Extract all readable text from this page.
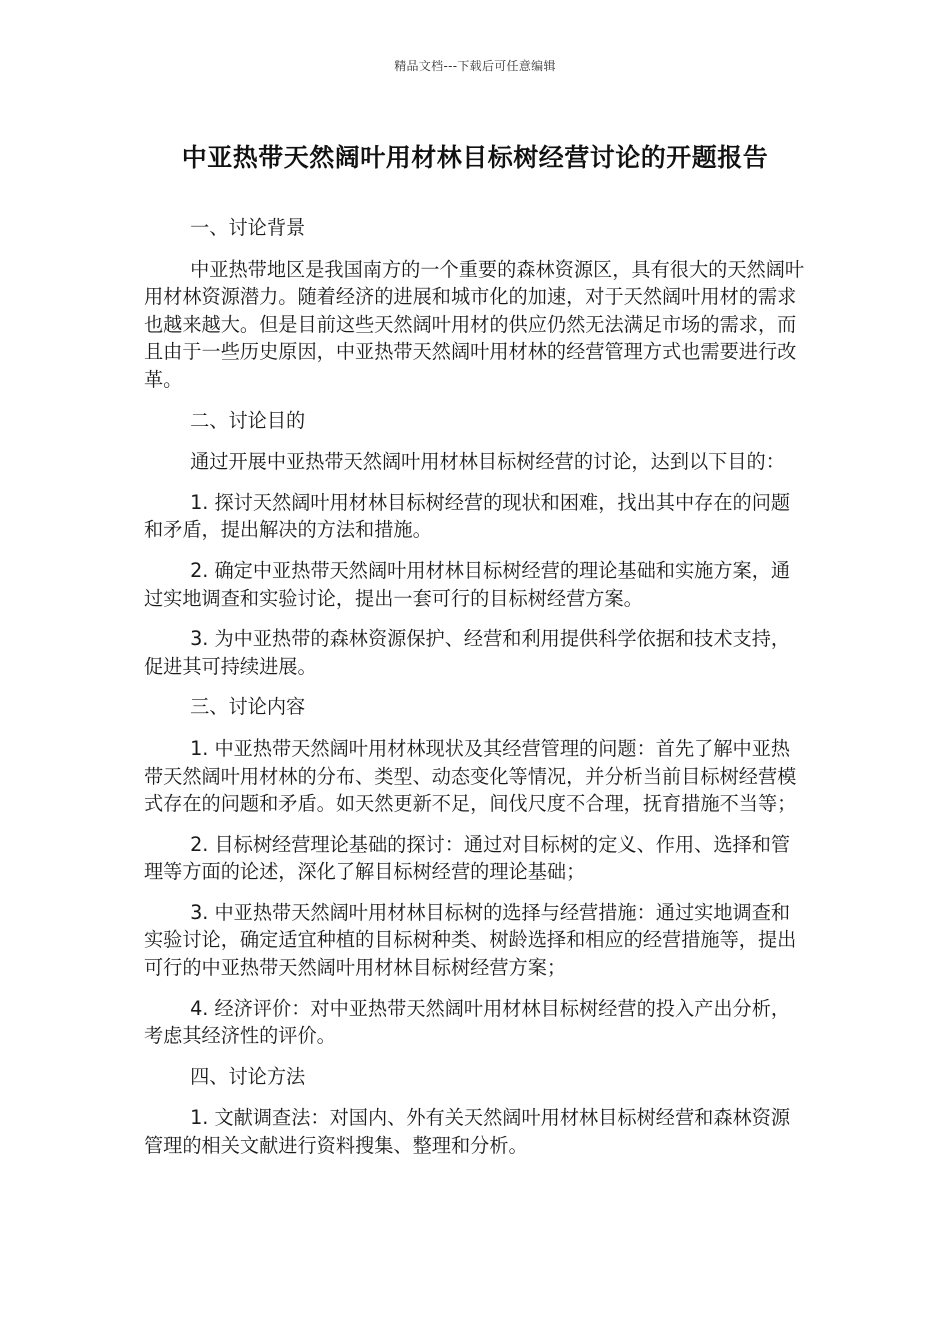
精品文档---下载后可任意编辑
中亚热带天然阔叶用材林目标树经营讨论的开题报告

一、讨论背景

中亚热带地区是我国南方的一个重要的森林资源区，具有很大的天然阔叶用材林资源潜力。随着经济的进展和城市化的加速，对于天然阔叶用材的需求也越来越大。但是目前这些天然阔叶用材的供应仍然无法满足市场的需求，而且由于一些历史原因，中亚热带天然阔叶用材林的经营管理方式也需要进行改革。

二、讨论目的

通过开展中亚热带天然阔叶用材林目标树经营的讨论，达到以下目的：

1. 探讨天然阔叶用材林目标树经营的现状和困难，找出其中存在的问题和矛盾，提出解决的方法和措施。

2. 确定中亚热带天然阔叶用材林目标树经营的理论基础和实施方案，通过实地调查和实验讨论，提出一套可行的目标树经营方案。

3. 为中亚热带的森林资源保护、经营和利用提供科学依据和技术支持，促进其可持续进展。

三、讨论内容

1. 中亚热带天然阔叶用材林现状及其经营管理的问题：首先了解中亚热带天然阔叶用材林的分布、类型、动态变化等情况，并分析当前目标树经营模式存在的问题和矛盾。如天然更新不足，间伐尺度不合理，抚育措施不当等；

2. 目标树经营理论基础的探讨：通过对目标树的定义、作用、选择和管理等方面的论述，深化了解目标树经营的理论基础；

3. 中亚热带天然阔叶用材林目标树的选择与经营措施：通过实地调查和实验讨论，确定适宜种植的目标树种类、树龄选择和相应的经营措施等，提出可行的中亚热带天然阔叶用材林目标树经营方案；

4. 经济评价：对中亚热带天然阔叶用材林目标树经营的投入产出分析，考虑其经济性的评价。

四、讨论方法

1. 文献调查法：对国内、外有关天然阔叶用材林目标树经营和森林资源管理的相关文献进行资料搜集、整理和分析。
